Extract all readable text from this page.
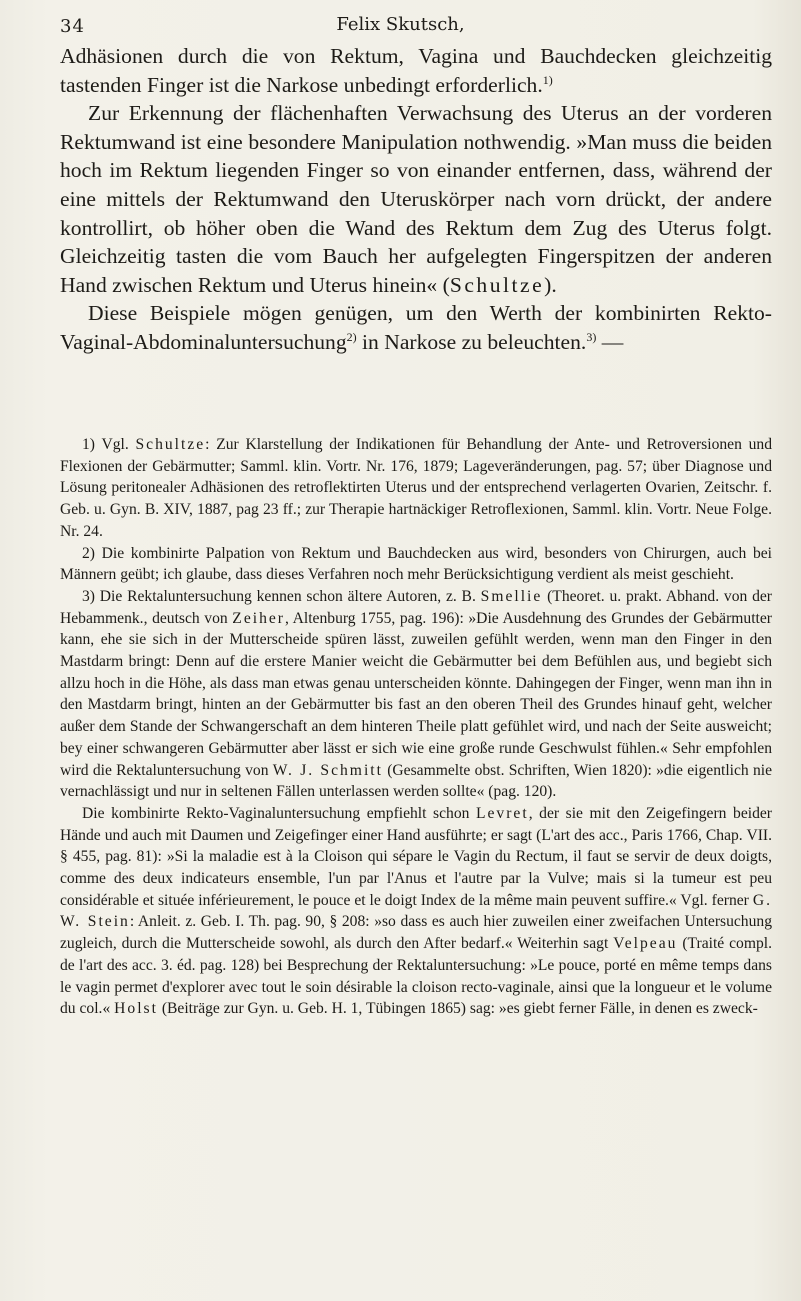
34	Felix Skutsch,

Adhäsionen durch die von Rektum, Vagina und Bauchdecken gleichzeitig tastenden Finger ist die Narkose unbedingt erforderlich.$^{1)}$

Zur Erkennung der flächenhaften Verwachsung des Uterus an der vorderen Rektumwand ist eine besondere Manipulation nothwendig. »Man muss die beiden hoch im Rektum liegenden Finger so von einander entfernen, dass, während der eine mittels der Rektumwand den Uteruskörper nach vorn drückt, der andere kontrollirt, ob höher oben die Wand des Rektum dem Zug des Uterus folgt. Gleichzeitig tasten die vom Bauch her aufgelegten Fingerspitzen der anderen Hand zwischen Rektum und Uterus hinein« (Schultze).

Diese Beispiele mögen genügen, um den Werth der kombinirten Rekto-Vaginal-Abdominaluntersuchung$^{2)}$ in Narkose zu beleuchten.$^{3)}$ —

1) Vgl. Schultze: Zur Klarstellung der Indikationen für Behandlung der Ante- und Retroversionen und Flexionen der Gebärmutter; Samml. klin. Vortr. Nr. 176, 1879; Lageveränderungen, pag. 57; über Diagnose und Lösung peritonealer Adhäsionen des retroflektirten Uterus und der entsprechend verlagerten Ovarien, Zeitschr. f. Geb. u. Gyn. B. XIV, 1887, pag 23 ff.; zur Therapie hartnäckiger Retroflexionen, Samml. klin. Vortr. Neue Folge. Nr. 24.

2) Die kombinirte Palpation von Rektum und Bauchdecken aus wird, besonders von Chirurgen, auch bei Männern geübt; ich glaube, dass dieses Verfahren noch mehr Berücksichtigung verdient als meist geschieht.

3) Die Rektaluntersuchung kennen schon ältere Autoren, z. B. Smellie (Theoret. u. prakt. Abhand. von der Hebammenk., deutsch von Zeiher, Altenburg 1755, pag. 196): »Die Ausdehnung des Grundes der Gebärmutter kann, ehe sie sich in der Mutterscheide spüren lässt, zuweilen gefühlt werden, wenn man den Finger in den Mastdarm bringt: Denn auf die erstere Manier weicht die Gebärmutter bei dem Befühlen aus, und begiebt sich allzu hoch in die Höhe, als dass man etwas genau unterscheiden könnte. Dahingegen der Finger, wenn man ihn in den Mastdarm bringt, hinten an der Gebärmutter bis fast an den oberen Theil des Grundes hinauf geht, welcher außer dem Stande der Schwangerschaft an dem hinteren Theile platt gefühlet wird, und nach der Seite ausweicht; bey einer schwangeren Gebärmutter aber lässt er sich wie eine große runde Geschwulst fühlen.« Sehr empfohlen wird die Rektaluntersuchung von W. J. Schmitt (Gesammelte obst. Schriften, Wien 1820): »die eigentlich nie vernachlässigt und nur in seltenen Fällen unterlassen werden sollte« (pag. 120).

Die kombinirte Rekto-Vaginaluntersuchung empfiehlt schon Levret, der sie mit den Zeigefingern beider Hände und auch mit Daumen und Zeigefinger einer Hand ausführte; er sagt (L'art des acc., Paris 1766, Chap. VII. § 455, pag. 81): »Si la maladie est à la Cloison qui sépare le Vagin du Rectum, il faut se servir de deux doigts, comme des deux indicateurs ensemble, l'un par l'Anus et l'autre par la Vulve; mais si la tumeur est peu considérable et située inférieurement, le pouce et le doigt Index de la même main peuvent suffire.« Vgl. ferner G. W. Stein: Anleit. z. Geb. I. Th. pag. 90, § 208: »so dass es auch hier zuweilen einer zweifachen Untersuchung zugleich, durch die Mutterscheide sowohl, als durch den After bedarf.« Weiterhin sagt Velpeau (Traité compl. de l'art des acc. 3. éd. pag. 128) bei Besprechung der Rektaluntersuchung: »Le pouce, porté en même temps dans le vagin permet d'explorer avec tout le soin désirable la cloison recto-vaginale, ainsi que la longueur et le volume du col.« Holst (Beiträge zur Gyn. u. Geb. H. 1, Tübingen 1865) sag: »es giebt ferner Fälle, in denen es zweck-
